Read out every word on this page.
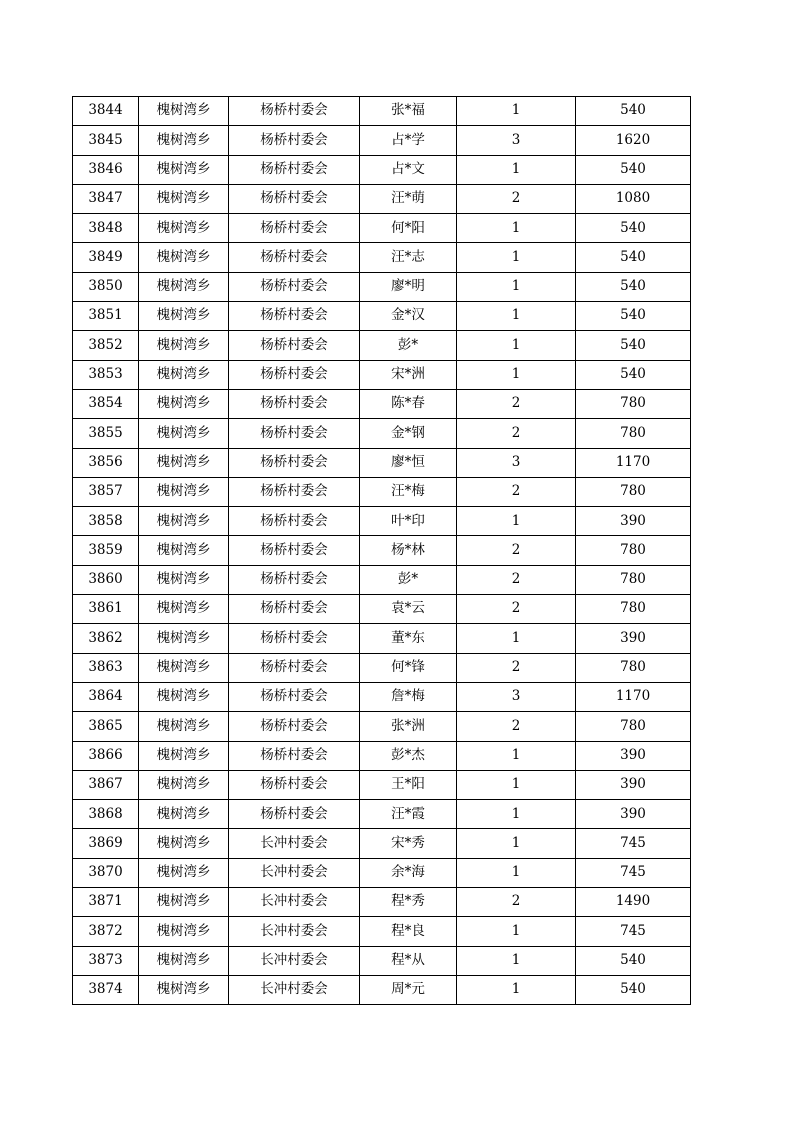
3844	槐树湾乡	杨桥村委会	张*福	1	540
3845	槐树湾乡	杨桥村委会	占*学	3	1620
3846	槐树湾乡	杨桥村委会	占*文	1	540
3847	槐树湾乡	杨桥村委会	汪*萌	2	1080
3848	槐树湾乡	杨桥村委会	何*阳	1	540
3849	槐树湾乡	杨桥村委会	汪*志	1	540
3850	槐树湾乡	杨桥村委会	廖*明	1	540
3851	槐树湾乡	杨桥村委会	金*汉	1	540
3852	槐树湾乡	杨桥村委会	彭*	1	540
3853	槐树湾乡	杨桥村委会	宋*洲	1	540
3854	槐树湾乡	杨桥村委会	陈*春	2	780
3855	槐树湾乡	杨桥村委会	金*钢	2	780
3856	槐树湾乡	杨桥村委会	廖*恒	3	1170
3857	槐树湾乡	杨桥村委会	汪*梅	2	780
3858	槐树湾乡	杨桥村委会	叶*印	1	390
3859	槐树湾乡	杨桥村委会	杨*林	2	780
3860	槐树湾乡	杨桥村委会	彭*	2	780
3861	槐树湾乡	杨桥村委会	袁*云	2	780
3862	槐树湾乡	杨桥村委会	董*东	1	390
3863	槐树湾乡	杨桥村委会	何*锋	2	780
3864	槐树湾乡	杨桥村委会	詹*梅	3	1170
3865	槐树湾乡	杨桥村委会	张*洲	2	780
3866	槐树湾乡	杨桥村委会	彭*杰	1	390
3867	槐树湾乡	杨桥村委会	王*阳	1	390
3868	槐树湾乡	杨桥村委会	汪*霞	1	390
3869	槐树湾乡	长冲村委会	宋*秀	1	745
3870	槐树湾乡	长冲村委会	余*海	1	745
3871	槐树湾乡	长冲村委会	程*秀	2	1490
3872	槐树湾乡	长冲村委会	程*良	1	745
3873	槐树湾乡	长冲村委会	程*从	1	540
3874	槐树湾乡	长冲村委会	周*元	1	540
